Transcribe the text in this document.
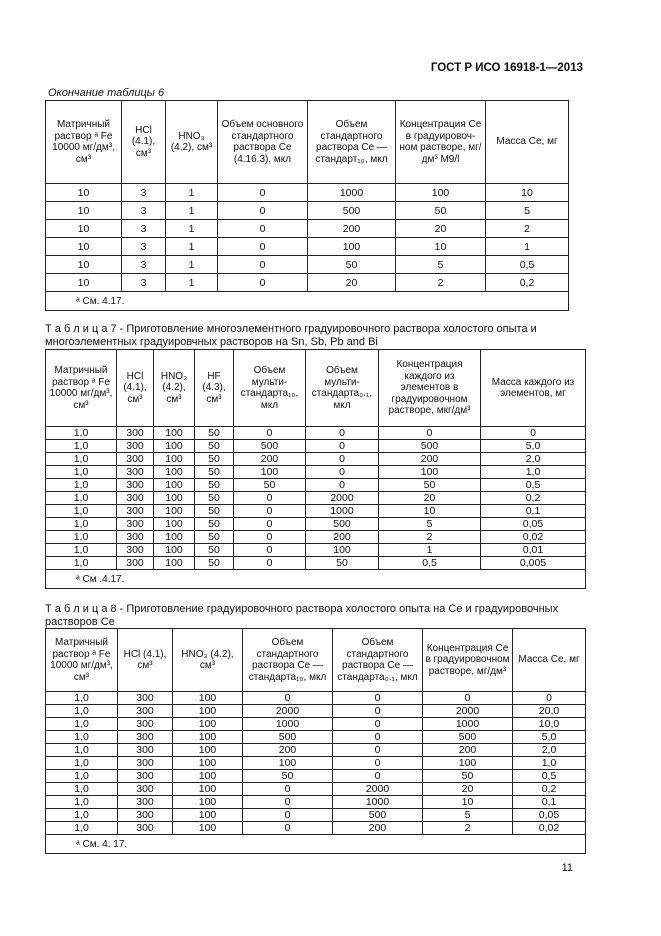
ГОСТ Р ИСО 16918-1—2013
Окончание таблицы 6
Матричный раствор ᵃ Fe 10000 мг/дм³, см³	HCl (4.1), см³	HNO₃ (4.2), см³	Объем основного стандартного раствора Ce (4.16.3), мкл	Объем стандартного раствора Ce — стандарт₁₀, мкл	Концентрация Ce в градуировоч-ном растворе, мг/дм³ M9/l	Масса Ce, мг
10	3	1	0	1000	100	10
10	3	1	0	500	50	5
10	3	1	0	200	20	2
10	3	1	0	100	10	1
10	3	1	0	50	5	0,5
10	3	1	0	20	2	0,2
ᵃ См. 4.17.						
Т а б л и ц а 7 - Приготовление многоэлементного градуировочного раствора холостого опыта и многоэлементных градуировчных растворов на Sn, Sb, Pb and Bi
Матричный раствор ᵃ Fe 10000 мг/дм³, см³	HCl (4.1), см³	HNO₃ (4.2), см³	HF (4.3), см³	Объем мульти-стандарта₁₀, мкл	Объем мульти-стандарта₀.₁, мкл	Концентрация каждого из элементов в градуировочном растворе, мкг/дм³	Масса каждого из элементов, мг
1,0	300	100	50	0	0	0	0
1,0	300	100	50	500	0	500	5,0
1,0	300	100	50	200	0	200	2,0
1,0	300	100	50	100	0	100	1,0
1,0	300	100	50	50	0	50	0,5
1,0	300	100	50	0	2000	20	0,2
1,0	300	100	50	0	1000	10	0,1
1,0	300	100	50	0	500	5	0,05
1,0	300	100	50	0	200	2	0,02
1,0	300	100	50	0	100	1	0,01
1,0	300	100	50	0	50	0,5	0,005
ᵃ См .4.17.							
Т а б л и ц а 8 - Приготовление градуировочного раствора холостого опыта на Ce и градуировочных растворов Ce
Матричный раствор ᵃ Fe 10000 мг/дм³, см³	HCl (4.1), см³	HNO₃ (4.2), см³	Объем стандартного раствора Ce — стандарта₁₀, мкл	Объем стандартного раствора Ce — стандарта₀.₁, мкл	Концентрация Ce в градуировочном растворе, мг/дм³	Масса Ce, мг
1,0	300	100	0	0	0	0
1,0	300	100	2000	0	2000	20,0
1,0	300	100	1000	0	1000	10,0
1,0	300	100	500	0	500	5,0
1,0	300	100	200	0	200	2,0
1,0	300	100	100	0	100	1,0
1,0	300	100	50	0	50	0,5
1,0	300	100	0	2000	20	0,2
1,0	300	100	0	1000	10	0,1
1,0	300	100	0	500	5	0,05
1,0	300	100	0	200	2	0,02
ᵃ См. 4. 17.						
11
